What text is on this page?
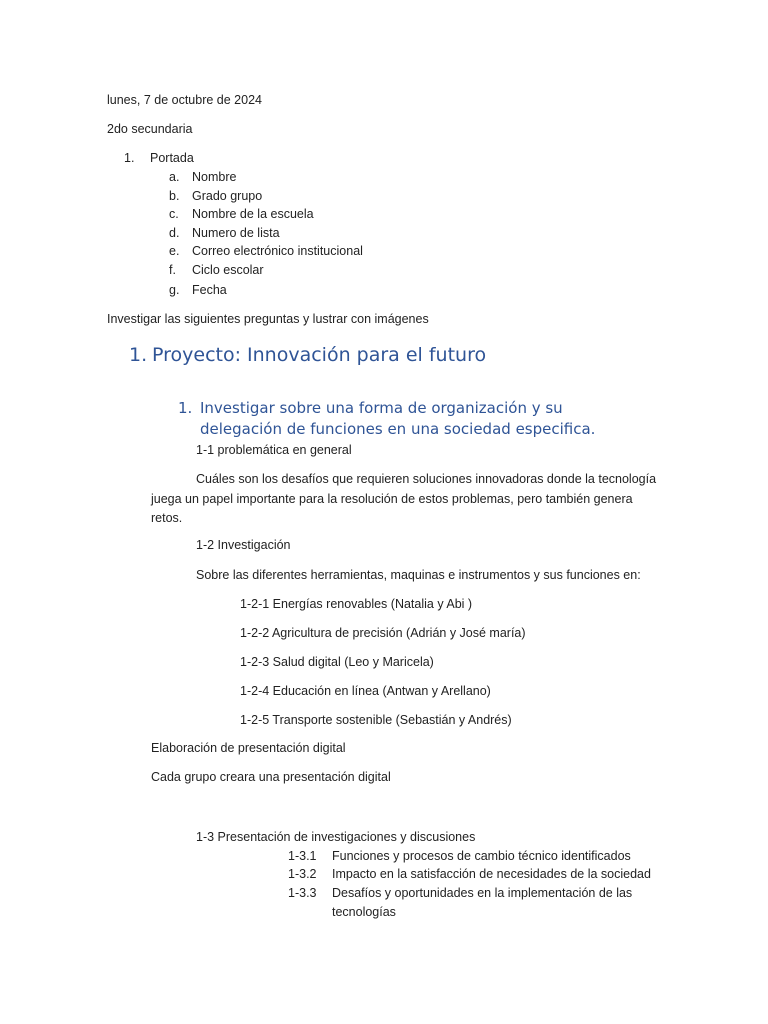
lunes, 7 de octubre de 2024
2do secundaria
1. Portada
a. Nombre
b. Grado grupo
c. Nombre de la escuela
d. Numero de lista
e. Correo electrónico institucional
f. Ciclo escolar
g. Fecha
Investigar las siguientes preguntas y lustrar con imágenes
1. Proyecto: Innovación para el futuro
1. Investigar sobre una forma de organización y su
delegación de funciones en una sociedad especifica.
1-1 problemática en general
Cuáles son los desafíos que requieren soluciones innovadoras donde la tecnología juega un papel importante para la resolución de estos problemas, pero también genera retos.
1-2 Investigación
Sobre las diferentes herramientas, maquinas e instrumentos y sus funciones en:
1-2-1 Energías renovables (Natalia y Abi )
1-2-2 Agricultura de precisión (Adrián y José maría)
1-2-3 Salud digital (Leo y Maricela)
1-2-4 Educación en línea (Antwan y Arellano)
1-2-5 Transporte sostenible (Sebastián y Andrés)
Elaboración de presentación digital
Cada grupo creara una presentación digital
1-3 Presentación de investigaciones y discusiones
1-3.1 Funciones y procesos de cambio técnico identificados
1-3.2 Impacto en la satisfacción de necesidades de la sociedad
1-3.3 Desafíos y oportunidades en la implementación de las
tecnologías
